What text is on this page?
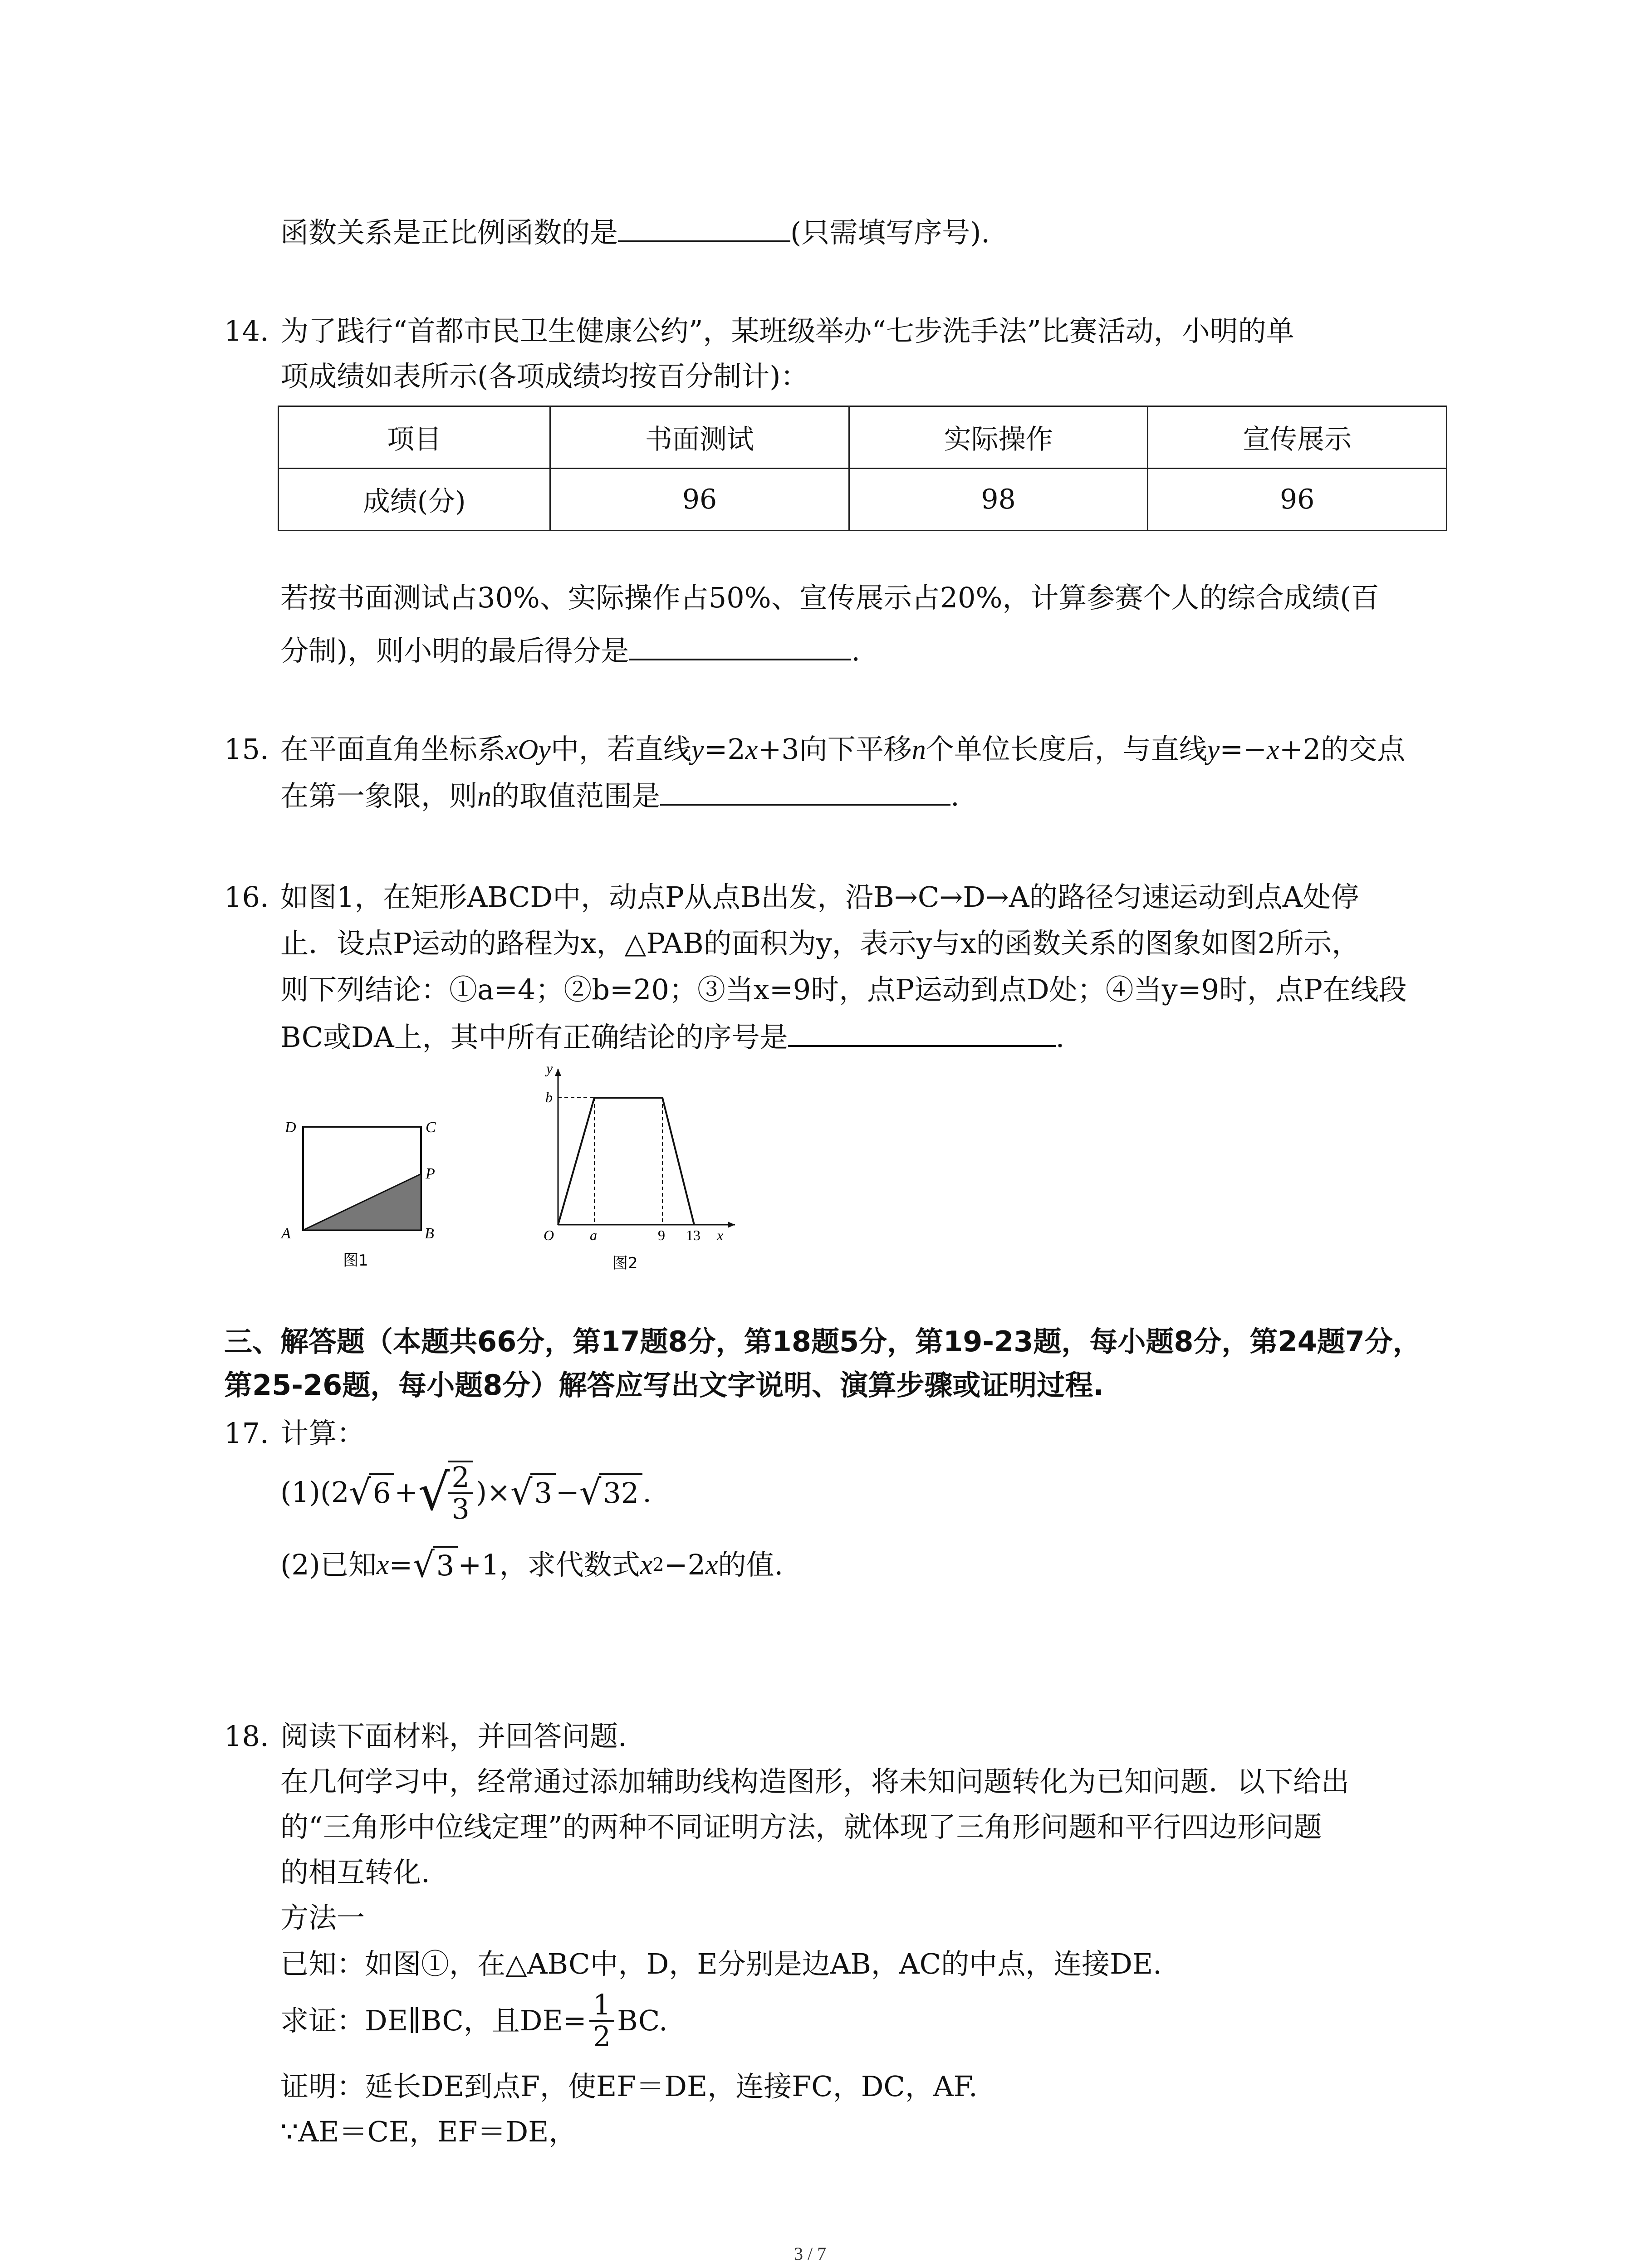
函数关系是正比例函数的是	(只需填写序号).
14. 为了践行“首都市民卫生健康公约”，某班级举办“七步洗手法”比赛活动，小明的单
项成绩如表所示(各项成绩均按百分制计)：
项目	书面测试	实际操作	宣传展示
成绩(分)	96	98	96
若按书面测试占30%、实际操作占50%、宣传展示占20%，计算参赛个人的综合成绩(百
分制)，则小明的最后得分是	.
15. 在平面直角坐标系xOy中，若直线y=2x+3向下平移n个单位长度后，与直线y=−x+2的交点
在第一象限，则n的取值范围是	.
16. 如图1，在矩形ABCD中，动点P从点B出发，沿B→C→D→A的路径匀速运动到点A处停
止．设点P运动的路程为x，△PAB的面积为y，表示y与x的函数关系的图象如图2所示，
则下列结论：①a=4；②b=20；③当x=9时，点P运动到点D处；④当y=9时，点P在线段
BC或DA上，其中所有正确结论的序号是	.
D	C
P
A	B
图1
y
b
O a	9 13 x
图2
三、解答题（本题共66分，第17题8分，第18题5分，第19-23题，每小题8分，第24题7分，
第25-26题，每小题8分）解答应写出文字说明、演算步骤或证明过程.
17. 计算：
(1)(2 √ 6 + √
$\frac{2}{3}$ )× √ 3 − √ 32 .
(2)已知 x = √ 3 +1，求代数式 x 2 −2 x 的值.
18. 阅读下面材料，并回答问题.
在几何学习中，经常通过添加辅助线构造图形，将未知问题转化为已知问题．以下给出
的“三角形中位线定理”的两种不同证明方法，就体现了三角形问题和平行四边形问题
的相互转化.
方法一
已知：如图①，在△ABC中，D，E分别是边AB，AC的中点，连接DE.
求证：DE∥BC，且$DE= \frac{1}{2}$ BC.
证明：延长DE到点F，使EF＝DE，连接FC，DC，AF.
∵AE＝CE，EF＝DE，
3 / 7
